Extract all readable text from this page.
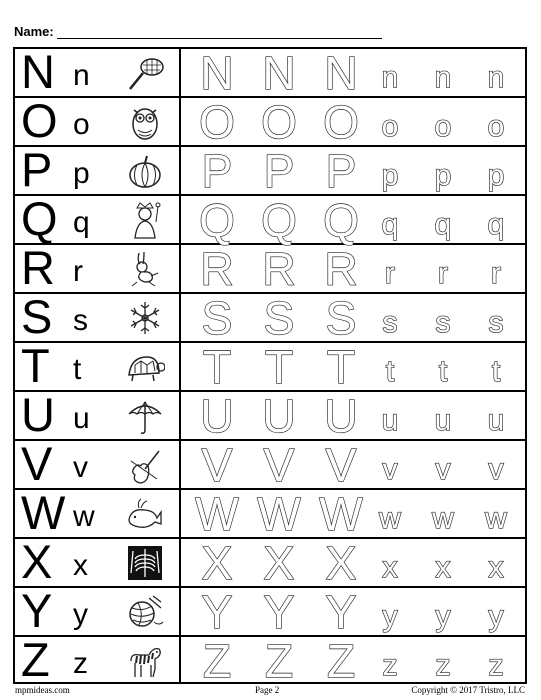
Name:
N n N N N n	n	n
O o O O O o	o	o
P p P P P p	p	p
Q q Q Q Q q	q	q
R r	R R R r	r	r
S s S S S s	s	s
T t	T T T	t	t	t
U u U U U u	u	u
V v V V V v	v	v
W w W W W w	w	w
X x X X X x	x	x
Y y Y Y Y y	y	y
Z z	Z Z Z z	z	z
mpmideas.com	Page 2	Copyright © 2017 Tristro, LLC
